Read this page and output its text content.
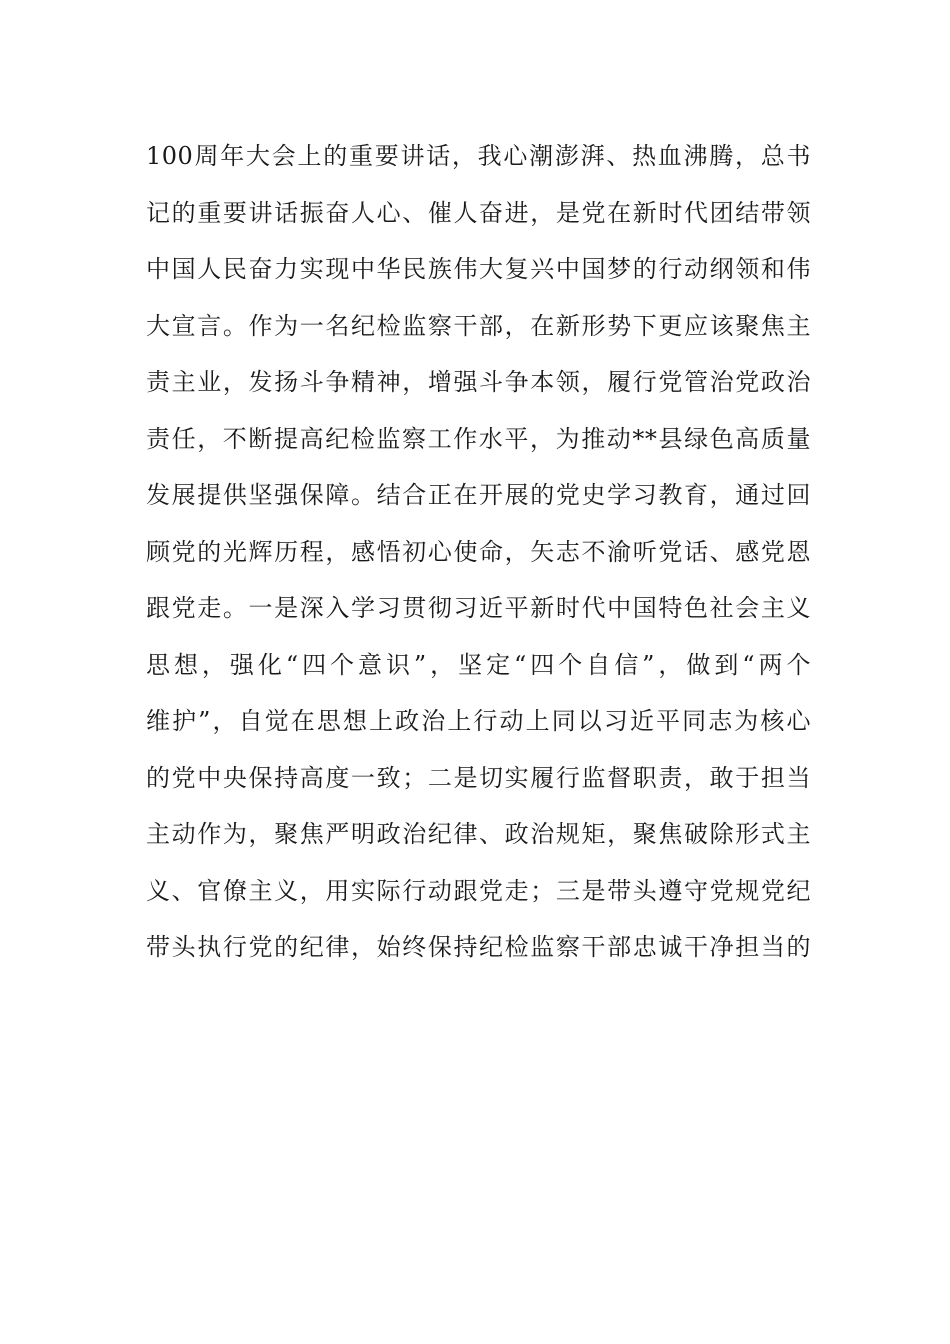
100周年大会上的重要讲话，我心潮澎湃、热血沸腾，总书
记的重要讲话振奋人心、催人奋进，是党在新时代团结带领
中国人民奋力实现中华民族伟大复兴中国梦的行动纲领和伟
大宣言。作为一名纪检监察干部，在新形势下更应该聚焦主
责主业，发扬斗争精神，增强斗争本领，履行党管治党政治
责任，不断提高纪检监察工作水平，为推动**县绿色高质量
发展提供坚强保障。结合正在开展的党史学习教育，通过回
顾党的光辉历程，感悟初心使命，矢志不渝听党话、感党恩
跟党走。一是深入学习贯彻习近平新时代中国特色社会主义
思想，强化“四个意识”，坚定“四个自信”，做到“两个
维护”，自觉在思想上政治上行动上同以习近平同志为核心
的党中央保持高度一致；二是切实履行监督职责，敢于担当
主动作为，聚焦严明政治纪律、政治规矩，聚焦破除形式主
义、官僚主义，用实际行动跟党走；三是带头遵守党规党纪
带头执行党的纪律，始终保持纪检监察干部忠诚干净担当的
